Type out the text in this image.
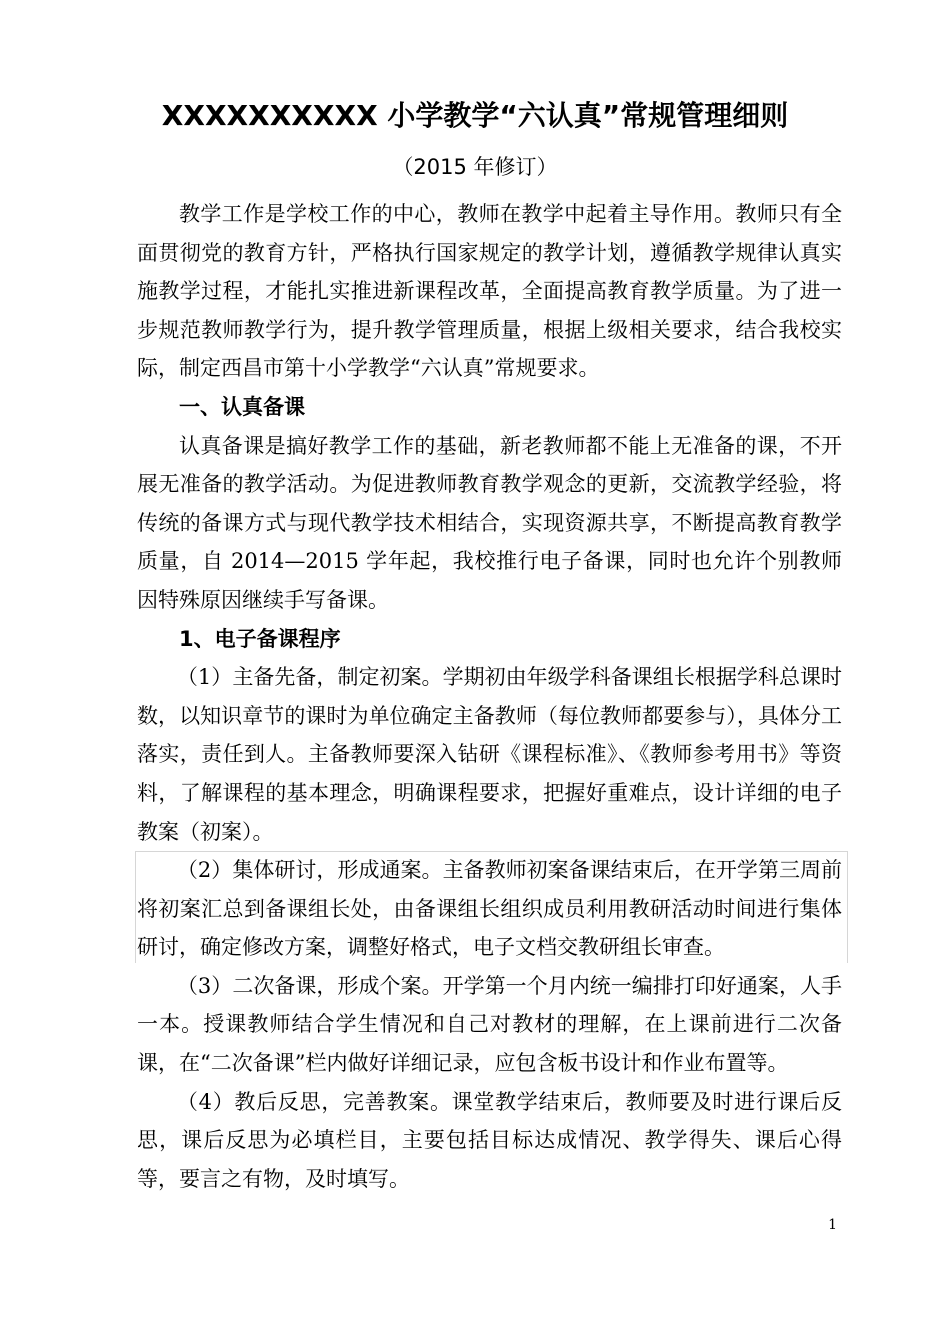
XXXXXXXXXX 小学教学“六认真”常规管理细则
（2015 年修订）

教学工作是学校工作的中心，教师在教学中起着主导作用。教师只有全面贯彻党的教育方针，严格执行国家规定的教学计划，遵循教学规律认真实施教学过程，才能扎实推进新课程改革，全面提高教育教学质量。为了进一步规范教师教学行为，提升教学管理质量，根据上级相关要求，结合我校实际，制定西昌市第十小学教学“六认真”常规要求。

一、认真备课

认真备课是搞好教学工作的基础，新老教师都不能上无准备的课，不开展无准备的教学活动。为促进教师教育教学观念的更新，交流教学经验，将传统的备课方式与现代教学技术相结合，实现资源共享，不断提高教育教学质量，自 2014—2015 学年起，我校推行电子备课，同时也允许个别教师因特殊原因继续手写备课。

1、电子备课程序

（1）主备先备，制定初案。学期初由年级学科备课组长根据学科总课时数，以知识章节的课时为单位确定主备教师（每位教师都要参与），具体分工落实，责任到人。主备教师要深入钻研《课程标准》、《教师参考用书》等资料，了解课程的基本理念，明确课程要求，把握好重难点，设计详细的电子教案（初案）。

（2）集体研讨，形成通案。主备教师初案备课结束后，在开学第三周前将初案汇总到备课组长处，由备课组长组织成员利用教研活动时间进行集体研讨，确定修改方案，调整好格式，电子文档交教研组长审查。

（3）二次备课，形成个案。开学第一个月内统一编排打印好通案，人手一本。授课教师结合学生情况和自己对教材的理解，在上课前进行二次备课，在“二次备课”栏内做好详细记录，应包含板书设计和作业布置等。

（4）教后反思，完善教案。课堂教学结束后，教师要及时进行课后反思，课后反思为必填栏目，主要包括目标达成情况、教学得失、课后心得等，要言之有物，及时填写。

1
